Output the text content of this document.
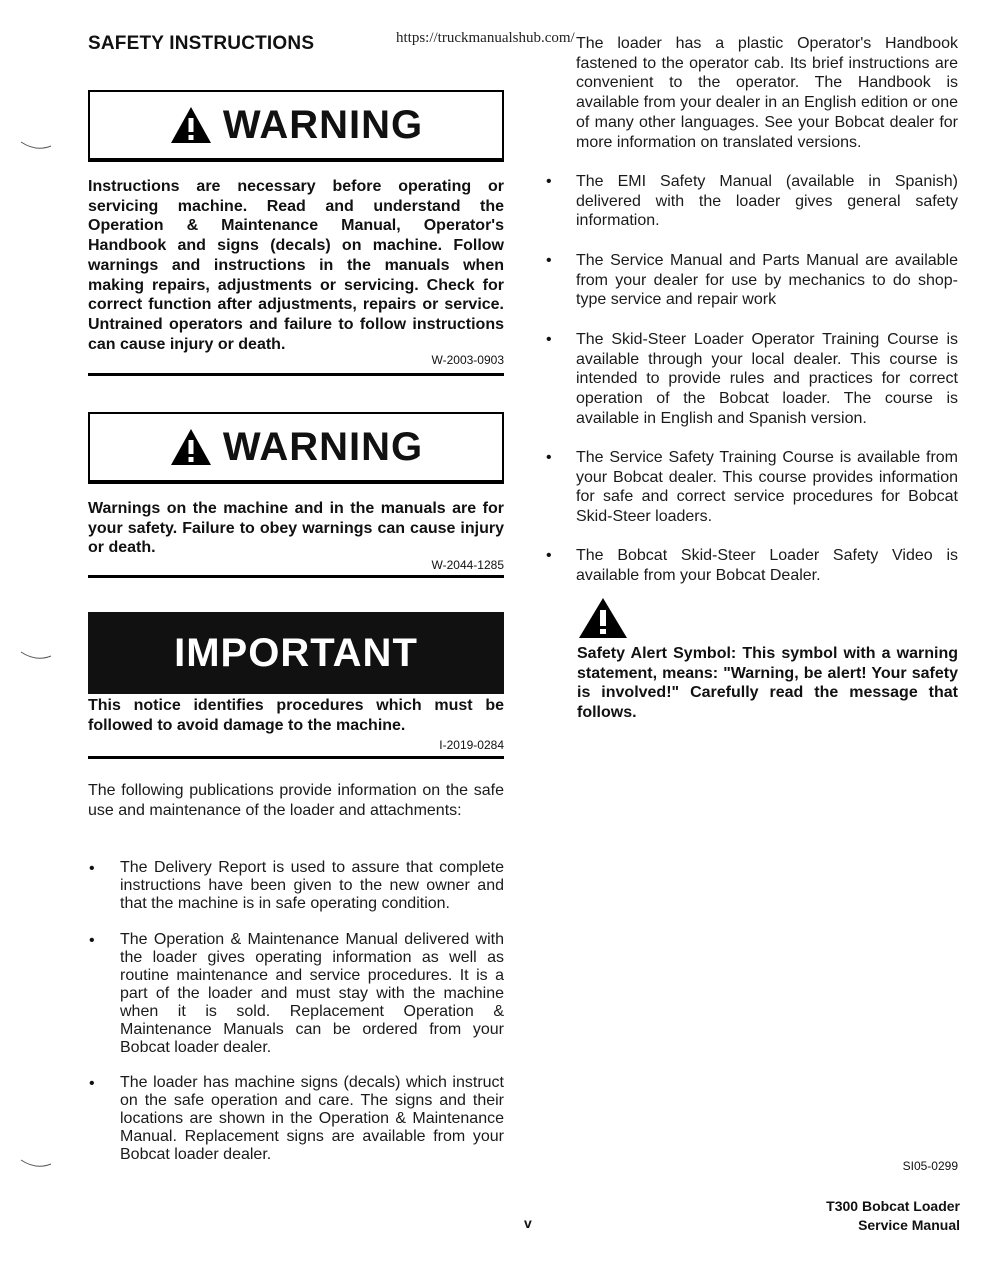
SAFETY INSTRUCTIONS	https://truckmanualshub.com/
WARNING

Instructions are necessary before operating or servicing machine. Read and understand the Operation & Maintenance Manual, Operator's Handbook and signs (decals) on machine. Follow warnings and instructions in the manuals when making repairs, adjustments or servicing. Check for correct function after adjustments, repairs or service. Untrained operators and failure to follow instructions can cause injury or death.

W-2003-0903
WARNING

Warnings on the machine and in the manuals are for your safety. Failure to obey warnings can cause injury or death.

W-2044-1285
IMPORTANT

This notice identifies procedures which must be followed to avoid damage to the machine.

I-2019-0284

The following publications provide information on the safe use and maintenance of the loader and attachments:

• The Delivery Report is used to assure that complete instructions have been given to the new owner and that the machine is in safe operating condition.

• The Operation & Maintenance Manual delivered with the loader gives operating information as well as routine maintenance and service procedures. It is a part of the loader and must stay with the machine when it is sold. Replacement Operation & Maintenance Manuals can be ordered from your Bobcat loader dealer.

• The loader has machine signs (decals) which instruct on the safe operation and care. The signs and their locations are shown in the Operation & Maintenance Manual. Replacement signs are available from your Bobcat loader dealer.

The loader has a plastic Operator's Handbook fastened to the operator cab. Its brief instructions are convenient to the operator. The Handbook is available from your dealer in an English edition or one of many other languages. See your Bobcat dealer for more information on translated versions.

• The EMI Safety Manual (available in Spanish) delivered with the loader gives general safety information.

• The Service Manual and Parts Manual are available from your dealer for use by mechanics to do shop-type service and repair work

• The Skid-Steer Loader Operator Training Course is available through your local dealer. This course is intended to provide rules and practices for correct operation of the Bobcat loader. The course is available in English and Spanish version.

• The Service Safety Training Course is available from your Bobcat dealer. This course provides information for safe and correct service procedures for Bobcat Skid-Steer loaders.

• The Bobcat Skid-Steer Loader Safety Video is available from your Bobcat Dealer.

Safety Alert Symbol: This symbol with a warning statement, means: "Warning, be alert! Your safety is involved!" Carefully read the message that follows.

SI05-0299
T300 Bobcat Loader
Service Manual
v
